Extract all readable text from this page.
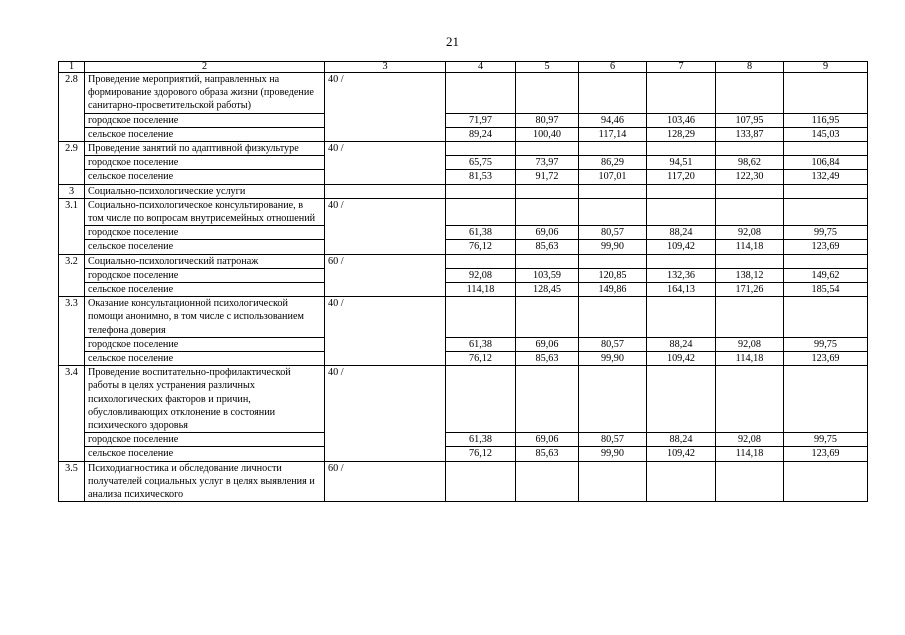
21
1	2	3	4	5	6	7	8	9
2.8	Проведение мероприятий, направленных на формирование здорового образа жизни (проведение санитарно-просветительской работы)	40 /						
	городское поселение		71,97	80,97	94,46	103,46	107,95	116,95
	сельское поселение		89,24	100,40	117,14	128,29	133,87	145,03
2.9	Проведение занятий по адаптивной физкультуре	40 /						
	городское поселение		65,75	73,97	86,29	94,51	98,62	106,84
	сельское поселение		81,53	91,72	107,01	117,20	122,30	132,49
3	Социально-психологические услуги							
3.1	Социально-психологическое консультирование, в том числе по вопросам внутрисемейных отношений	40 /						
	городское поселение		61,38	69,06	80,57	88,24	92,08	99,75
	сельское поселение		76,12	85,63	99,90	109,42	114,18	123,69
3.2	Социально-психологический патронаж	60 /						
	городское поселение		92,08	103,59	120,85	132,36	138,12	149,62
	сельское поселение		114,18	128,45	149,86	164,13	171,26	185,54
3.3	Оказание консультационной психологической помощи анонимно, в том числе с использованием телефона доверия	40 /						
	городское поселение		61,38	69,06	80,57	88,24	92,08	99,75
	сельское поселение		76,12	85,63	99,90	109,42	114,18	123,69
3.4	Проведение воспитательно-профилактической работы в целях устранения различных психологических факторов и причин, обусловливающих отклонение в состоянии психического здоровья	40 /						
	городское поселение		61,38	69,06	80,57	88,24	92,08	99,75
	сельское поселение		76,12	85,63	99,90	109,42	114,18	123,69
3.5	Психодиагностика и обследование личности получателей социальных услуг в целях выявления и анализа психического	60 /						
